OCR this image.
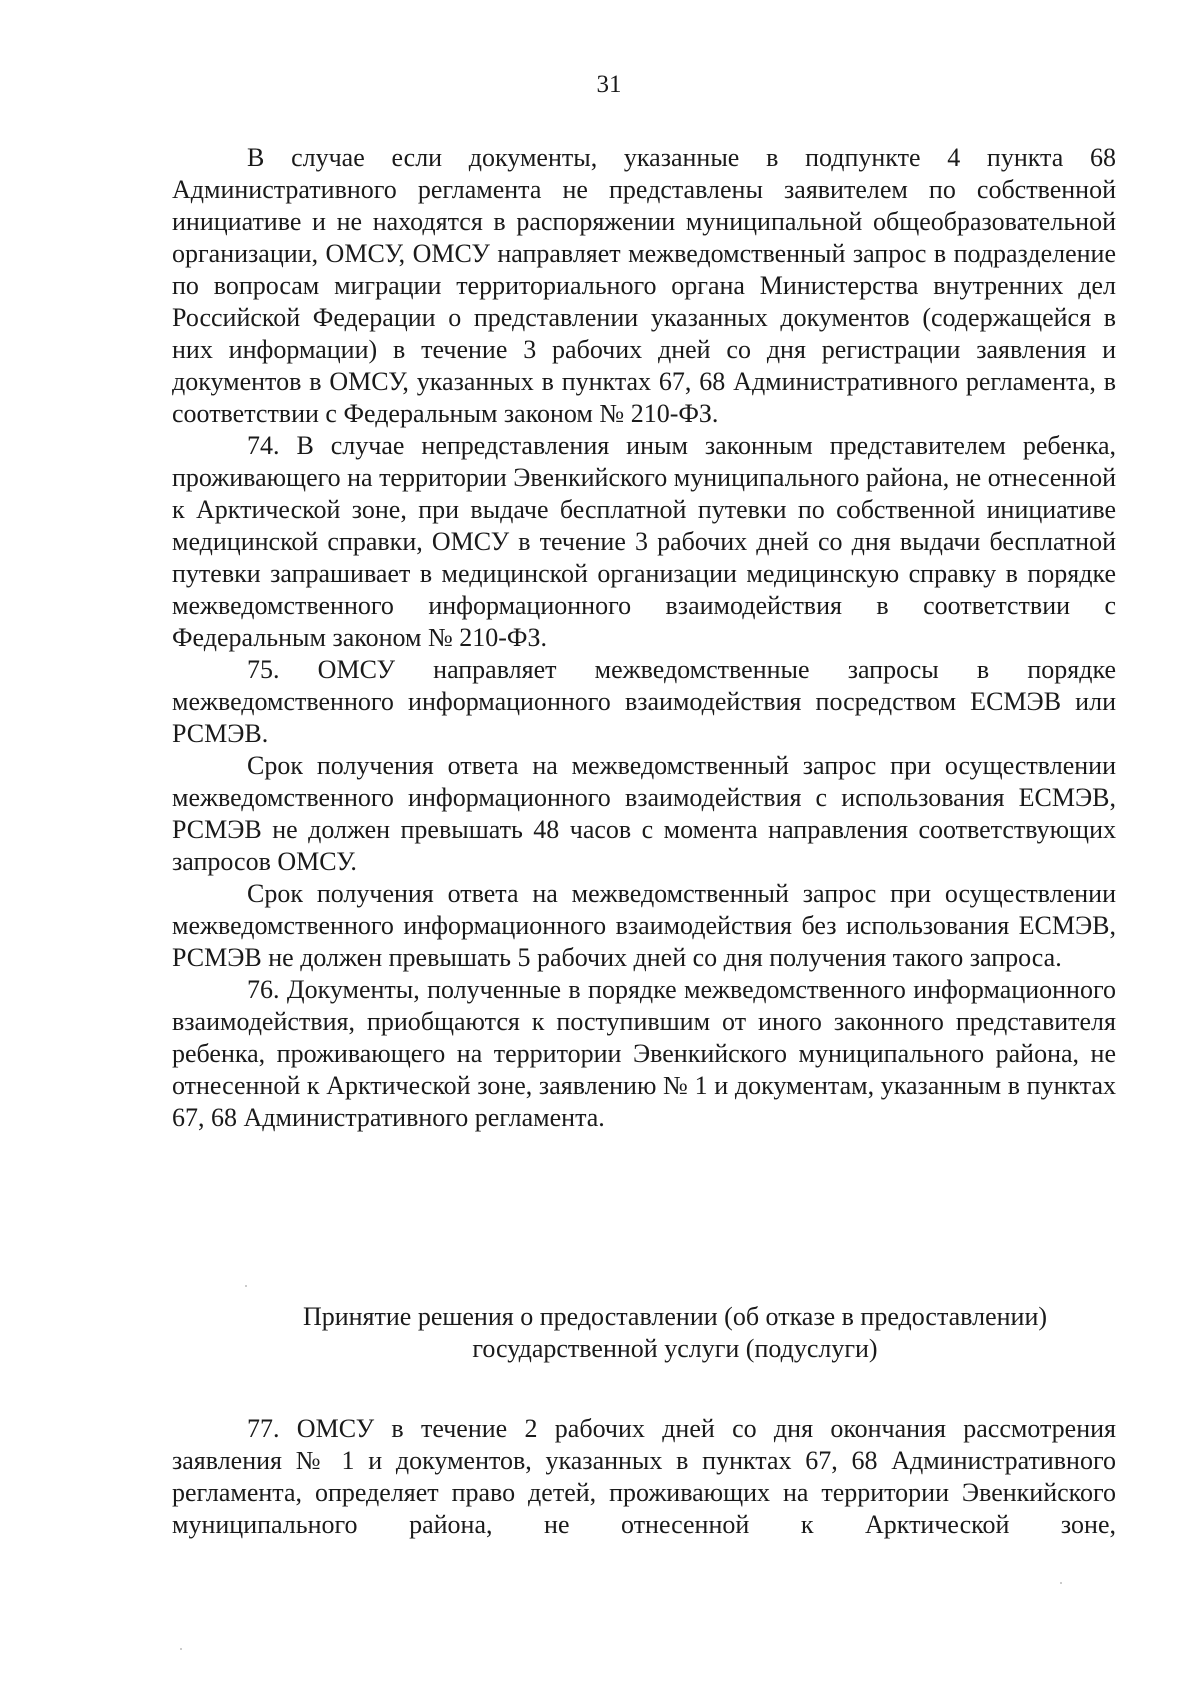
31

В случае если документы, указанные в подпункте 4 пункта 68 Административного регламента не представлены заявителем по собственной инициативе и не находятся в распоряжении муниципальной общеобразовательной организации, ОМСУ, ОМСУ направляет межведомственный запрос в подразделение по вопросам миграции территориального органа Министерства внутренних дел Российской Федерации о представлении указанных документов (содержащейся в них информации) в течение 3 рабочих дней со дня регистрации заявления и документов в ОМСУ, указанных в пунктах 67, 68 Административного регламента, в соответствии с Федеральным законом № 210-ФЗ.

74. В случае непредставления иным законным представителем ребенка, проживающего на территории Эвенкийского муниципального района, не отнесенной к Арктической зоне, при выдаче бесплатной путевки по собственной инициативе медицинской справки, ОМСУ в течение 3 рабочих дней со дня выдачи бесплатной путевки запрашивает в медицинской организации медицинскую справку в порядке межведомственного информационного взаимодействия в соответствии с Федеральным законом № 210-ФЗ.

75. ОМСУ направляет межведомственные запросы в порядке межведомственного информационного взаимодействия посредством ЕСМЭВ или РСМЭВ.

Срок получения ответа на межведомственный запрос при осуществлении межведомственного информационного взаимодействия с использования ЕСМЭВ, РСМЭВ не должен превышать 48 часов с момента направления соответствующих запросов ОМСУ.

Срок получения ответа на межведомственный запрос при осуществлении межведомственного информационного взаимодействия без использования ЕСМЭВ, РСМЭВ не должен превышать 5 рабочих дней со дня получения такого запроса.

76. Документы, полученные в порядке межведомственного информационного взаимодействия, приобщаются к поступившим от иного законного представителя ребенка, проживающего на территории Эвенкийского муниципального района, не отнесенной к Арктической зоне, заявлению № 1 и документам, указанным в пунктах 67, 68 Административного регламента.

Принятие решения о предоставлении (об отказе в предоставлении)
государственной услуги (подуслуги)

77. ОМСУ в течение 2 рабочих дней со дня окончания рассмотрения заявления № 1 и документов, указанных в пунктах 67, 68 Административного регламента, определяет право детей, проживающих на территории Эвенкийского муниципального района, не отнесенной к Арктической зоне,
